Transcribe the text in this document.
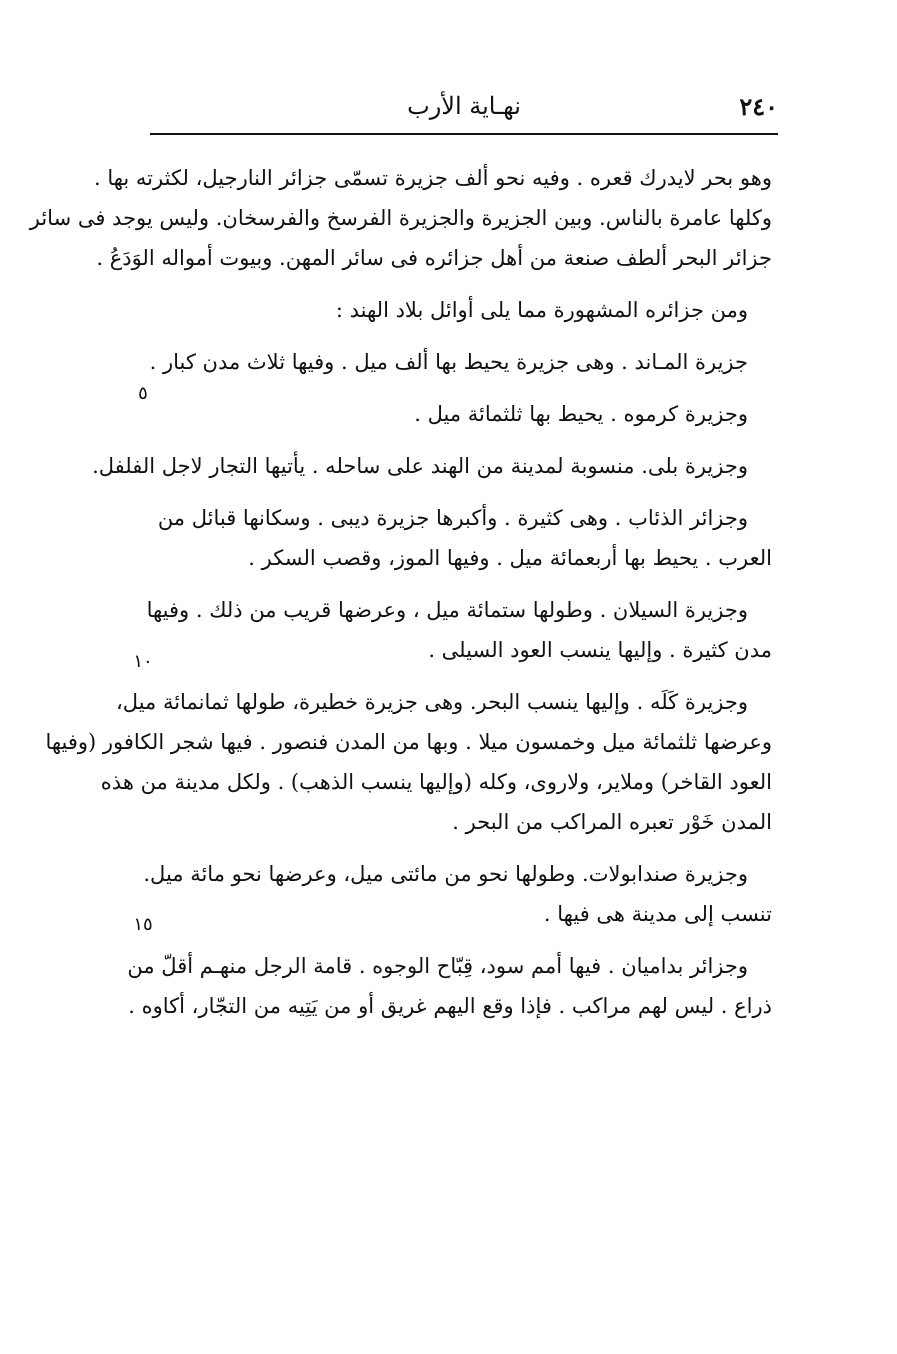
٢٤٠
نهـاية الأرب
٥
١٠
١٥
وهو بحر لايدرك قعره . وفيه نحو ألف جزيرة تسمّى جزائر النارجيل، لكثرته بها .
وكلها عامرة بالناس. وبين الجزيرة والجزيرة الفرسخ والفرسخان. وليس يوجد فى سائر
جزائر البحر ألطف صنعة من أهل جزائره فى سائر المهن. وبيوت أمواله الوَدَعُ .
ومن جزائره المشهورة مما يلى أوائل بلاد الهند :
جزيرة المـاند . وهى جزيرة يحيط بها ألف ميل . وفيها ثلاث مدن كبار .
وجزيرة كرموه . يحيط بها ثلثمائة ميل .
وجزيرة بلى. منسوبة لمدينة من الهند على ساحله . يأتيها التجار لاجل الفلفل.
وجزائر الذئاب . وهى كثيرة . وأكبرها جزيرة ديبى . وسكانها قبائل من
العرب . يحيط بها أربعمائة ميل . وفيها الموز، وقصب السكر .
وجزيرة السيلان . وطولها ستمائة ميل ، وعرضها قريب من ذلك . وفيها
مدن كثيرة . وإليها ينسب العود السيلى .
وجزيرة كَلَه . وإليها ينسب البحر. وهى جزيرة خطيرة، طولها ثمانمائة ميل،
وعرضها ثلثمائة ميل وخمسون ميلا . وبها من المدن فنصور . فيها شجر الكافور (وفيها
العود القاخر) وملاير، ولاروى، وكله (وإليها ينسب الذهب) . ولكل مدينة من هذه
المدن خَوْر تعبره المراكب من البحر .
وجزيرة صندابولات. وطولها نحو من مائتى ميل، وعرضها نحو مائة ميل.
تنسب إلى مدينة هى فيها .
وجزائر بداميان . فيها أمم سود، قِبّاح الوجوه . قامة الرجل منهـم أقلّ من
ذراع . ليس لهم مراكب . فإذا وقع اليهم غريق أو من يَتِيه من التجّار، أكاوه .
